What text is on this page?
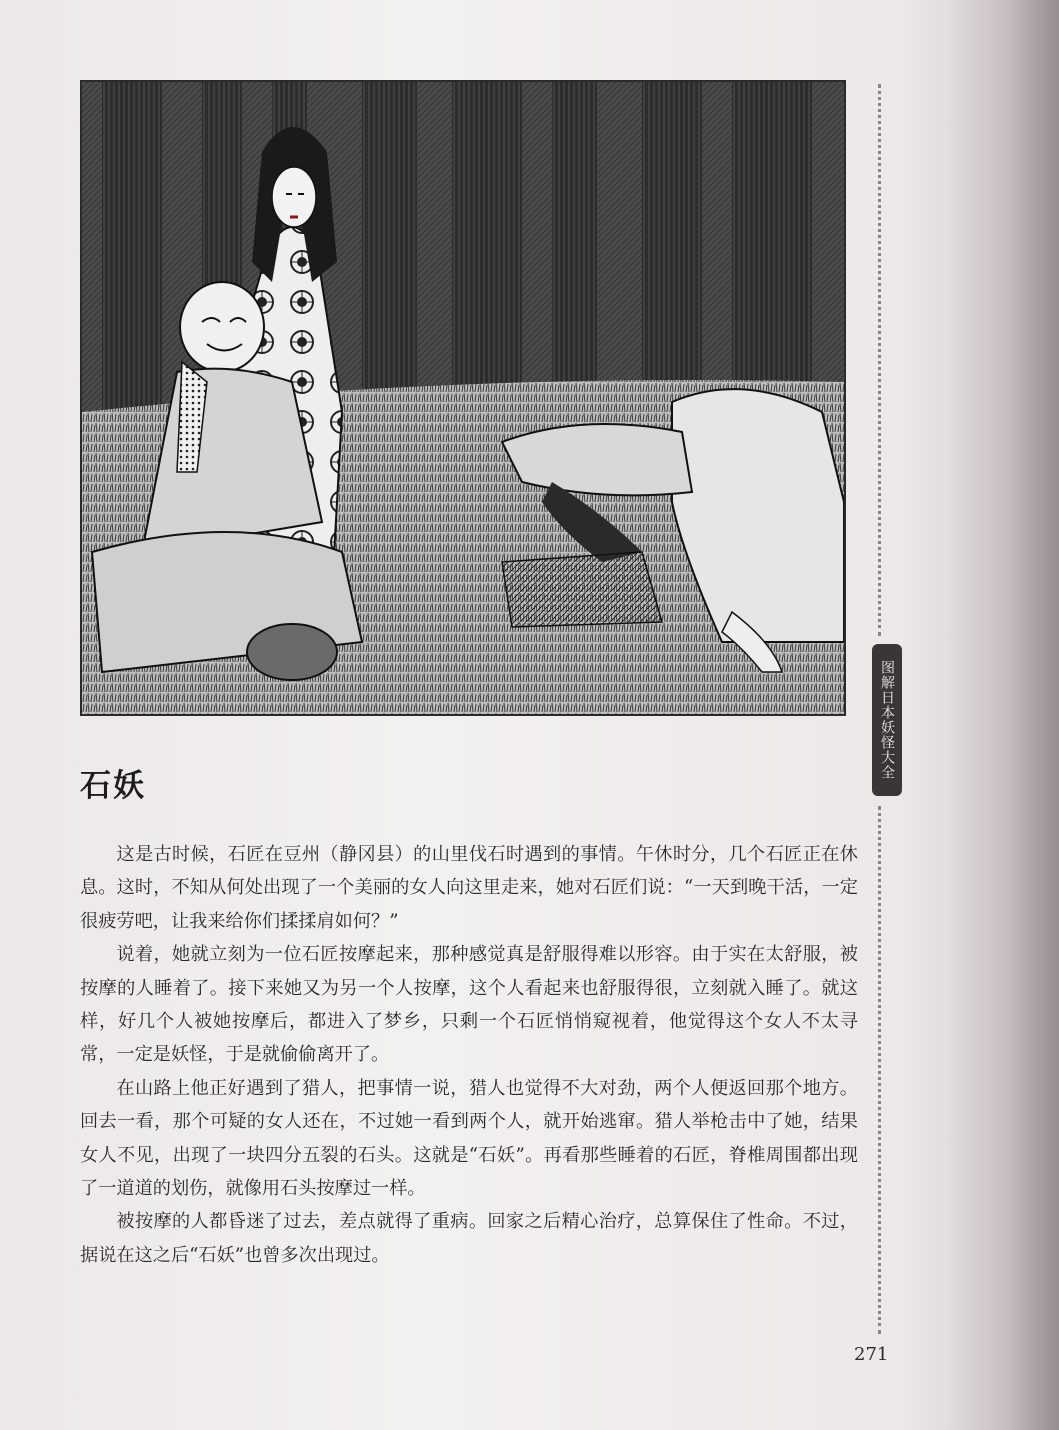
石妖

这是古时候，石匠在豆州（静冈县）的山里伐石时遇到的事情。午休时分，几个石匠正在休息。这时，不知从何处出现了一个美丽的女人向这里走来，她对石匠们说：“一天到晚干活，一定很疲劳吧，让我来给你们揉揉肩如何？”

说着，她就立刻为一位石匠按摩起来，那种感觉真是舒服得难以形容。由于实在太舒服，被按摩的人睡着了。接下来她又为另一个人按摩，这个人看起来也舒服得很，立刻就入睡了。就这样，好几个人被她按摩后，都进入了梦乡，只剩一个石匠悄悄窥视着，他觉得这个女人不太寻常，一定是妖怪，于是就偷偷离开了。

在山路上他正好遇到了猎人，把事情一说，猎人也觉得不大对劲，两个人便返回那个地方。回去一看，那个可疑的女人还在，不过她一看到两个人，就开始逃窜。猎人举枪击中了她，结果女人不见，出现了一块四分五裂的石头。这就是“石妖”。再看那些睡着的石匠，脊椎周围都出现了一道道的划伤，就像用石头按摩过一样。

被按摩的人都昏迷了过去，差点就得了重病。回家之后精心治疗，总算保住了性命。不过，据说在这之后“石妖”也曾多次出现过。

图解日本妖怪大全
271
